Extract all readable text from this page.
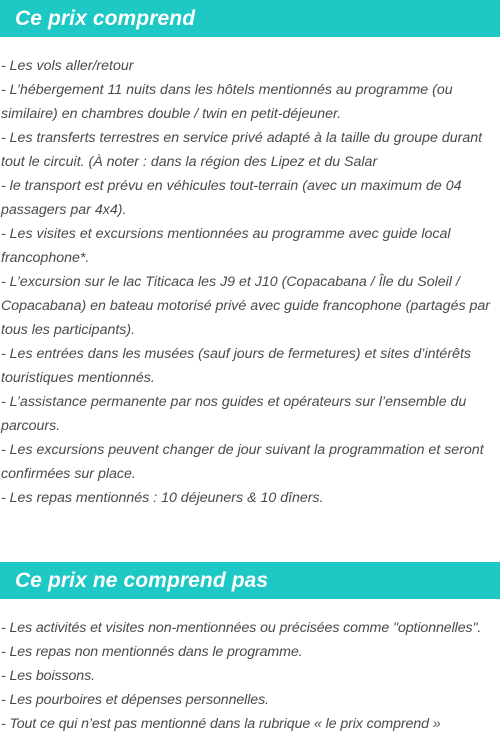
Ce prix comprend
- Les vols aller/retour
- L’hébergement 11 nuits dans les hôtels mentionnés au programme (ou similaire) en chambres double / twin en petit-déjeuner.
- Les transferts terrestres en service privé adapté à la taille du groupe durant tout le circuit. (À noter : dans la région des Lipez et du Salar
- le transport est prévu en véhicules tout-terrain (avec un maximum de 04 passagers par 4x4).
- Les visites et excursions mentionnées au programme avec guide local francophone*.
- L’excursion sur le lac Titicaca les J9 et J10 (Copacabana / Île du Soleil / Copacabana) en bateau motorisé privé avec guide francophone (partagés par tous les participants).
- Les entrées dans les musées (sauf jours de fermetures) et sites d’intérêts touristiques mentionnés.
- L’assistance permanente par nos guides et opérateurs sur l’ensemble du parcours.
- Les excursions peuvent changer de jour suivant la programmation et seront confirmées sur place.
- Les repas mentionnés : 10 déjeuners & 10 dîners.
Ce prix ne comprend pas
- Les activités et visites non-mentionnées ou précisées comme "optionnelles".
- Les repas non mentionnés dans le programme.
- Les boissons.
- Les pourboires et dépenses personnelles.
- Tout ce qui n’est pas mentionné dans la rubrique « le prix comprend »
